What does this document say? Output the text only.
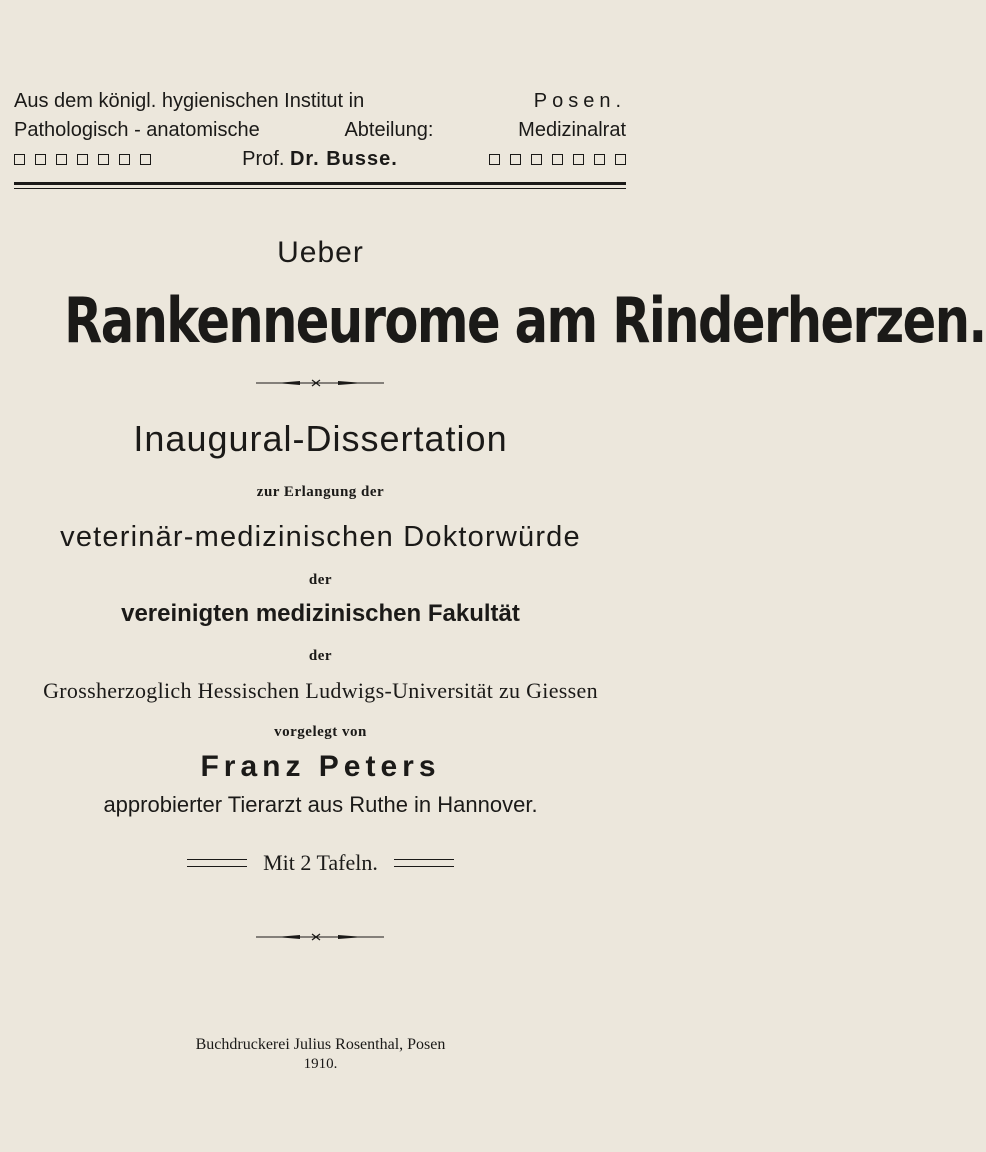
Aus dem königl. hygienischen Institut in	Posen.
Pathologisch - anatomische	Abteilung:	Medizinalrat
Prof. Dr. Busse.
Ueber
Rankenneurome am Rinderherzen.
Inaugural-Dissertation
zur Erlangung der
veterinär-medizinischen Doktorwürde
der
vereinigten medizinischen Fakultät
der
Grossherzoglich Hessischen Ludwigs-Universität zu Giessen
vorgelegt von
Franz Peters
approbierter Tierarzt aus Ruthe in Hannover.
Mit 2 Tafeln.
Buchdruckerei Julius Rosenthal, Posen
1910.
